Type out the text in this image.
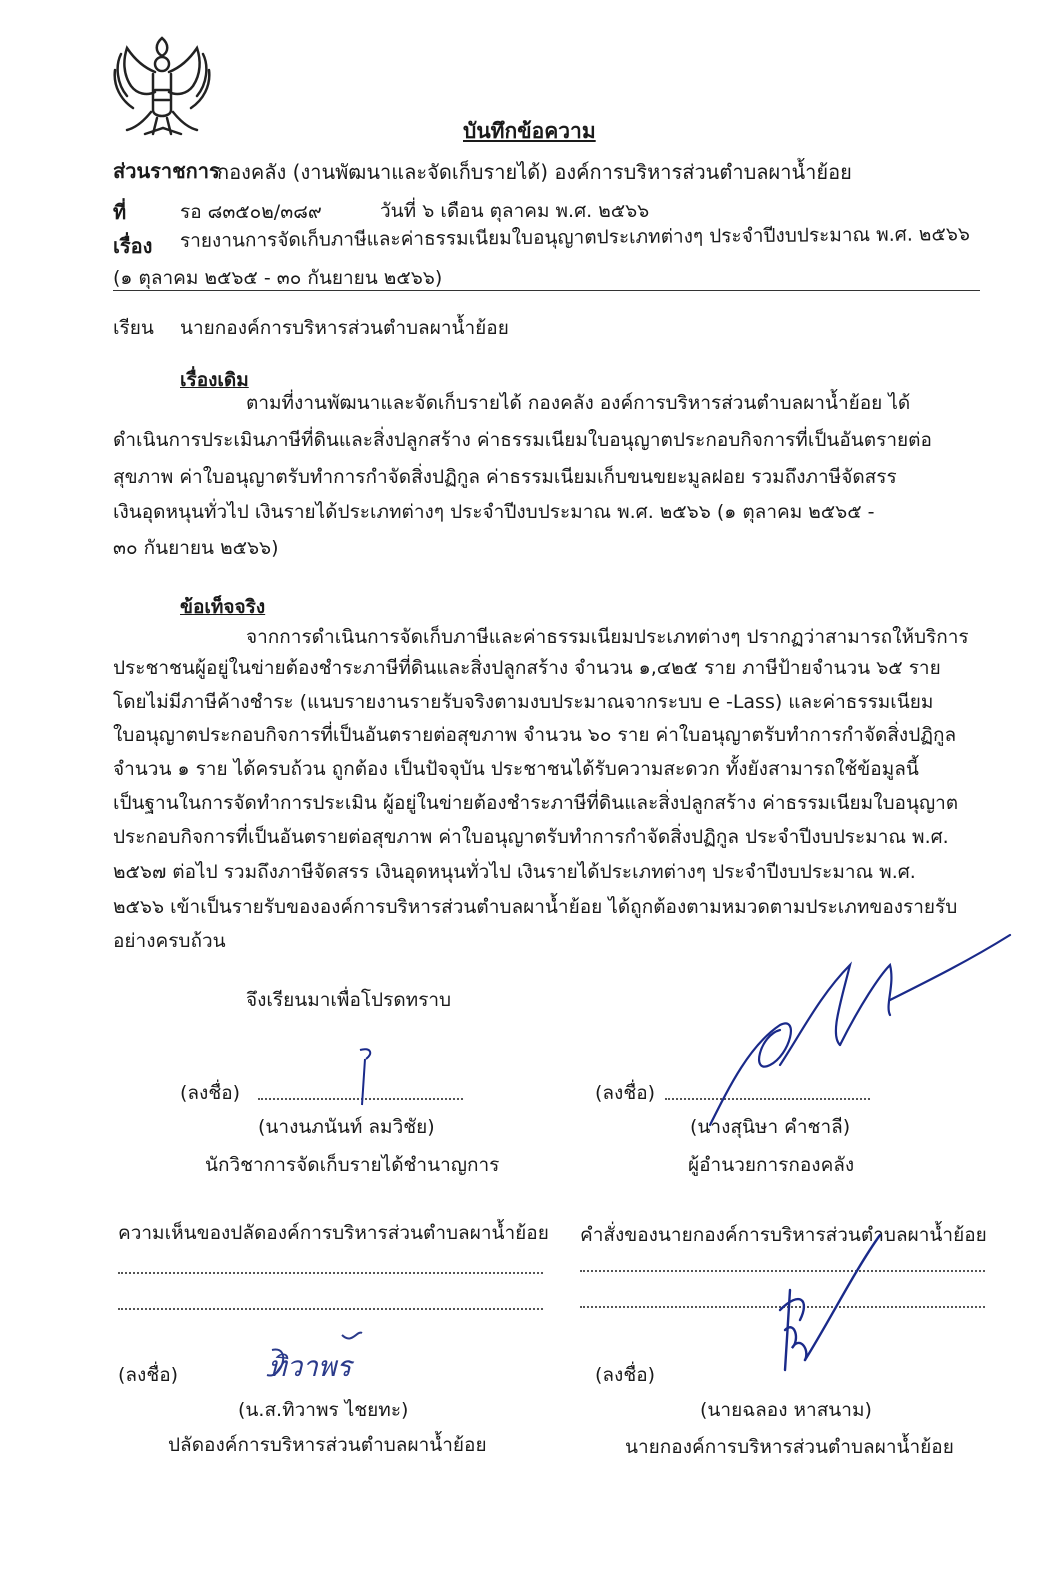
บันทึกข้อความ
ส่วนราชการ
กองคลัง (งานพัฒนาและจัดเก็บรายได้) องค์การบริหารส่วนตำบลผาน้ำย้อย
ที่	รอ ๘๓๕๐๒/๓๘๙	วันที่ ๖ เดือน ตุลาคม พ.ศ. ๒๕๖๖
เรื่อง รายงานการจัดเก็บภาษีและค่าธรรมเนียมใบอนุญาตประเภทต่างๆ ประจำปีงบประมาณ พ.ศ. ๒๕๖๖
(๑ ตุลาคม ๒๕๖๕ - ๓๐ กันยายน ๒๕๖๖)
เรียน นายกองค์การบริหารส่วนตำบลผาน้ำย้อย
เรื่องเดิม
ตามที่งานพัฒนาและจัดเก็บรายได้ กองคลัง องค์การบริหารส่วนตำบลผาน้ำย้อย ได้
ดำเนินการประเมินภาษีที่ดินและสิ่งปลูกสร้าง ค่าธรรมเนียมใบอนุญาตประกอบกิจการที่เป็นอันตรายต่อ
สุขภาพ ค่าใบอนุญาตรับทำการกำจัดสิ่งปฏิกูล ค่าธรรมเนียมเก็บขนขยะมูลฝอย รวมถึงภาษีจัดสรร
เงินอุดหนุนทั่วไป เงินรายได้ประเภทต่างๆ ประจำปีงบประมาณ พ.ศ. ๒๕๖๖ (๑ ตุลาคม ๒๕๖๕ -
๓๐ กันยายน ๒๕๖๖)
ข้อเท็จจริง
จากการดำเนินการจัดเก็บภาษีและค่าธรรมเนียมประเภทต่างๆ ปรากฏว่าสามารถให้บริการ
ประชาชนผู้อยู่ในข่ายต้องชำระภาษีที่ดินและสิ่งปลูกสร้าง จำนวน ๑,๔๒๕ ราย ภาษีป้ายจำนวน ๖๕ ราย
โดยไม่มีภาษีค้างชำระ (แนบรายงานรายรับจริงตามงบประมาณจากระบบ e -Lass) และค่าธรรมเนียม
ใบอนุญาตประกอบกิจการที่เป็นอันตรายต่อสุขภาพ จำนวน ๖๐ ราย ค่าใบอนุญาตรับทำการกำจัดสิ่งปฏิกูล
จำนวน ๑ ราย ได้ครบถ้วน ถูกต้อง เป็นปัจจุบัน ประชาชนได้รับความสะดวก ทั้งยังสามารถใช้ข้อมูลนี้
เป็นฐานในการจัดทำการประเมิน ผู้อยู่ในข่ายต้องชำระภาษีที่ดินและสิ่งปลูกสร้าง ค่าธรรมเนียมใบอนุญาต
ประกอบกิจการที่เป็นอันตรายต่อสุขภาพ ค่าใบอนุญาตรับทำการกำจัดสิ่งปฏิกูล ประจำปีงบประมาณ พ.ศ.
๒๕๖๗ ต่อไป รวมถึงภาษีจัดสรร เงินอุดหนุนทั่วไป เงินรายได้ประเภทต่างๆ ประจำปีงบประมาณ พ.ศ.
๒๕๖๖ เข้าเป็นรายรับขององค์การบริหารส่วนตำบลผาน้ำย้อย ได้ถูกต้องตามหมวดตามประเภทของรายรับ
อย่างครบถ้วน
จึงเรียนมาเพื่อโปรดทราบ
(ลงชื่อ)
(นางนภนันท์ ลมวิชัย)
นักวิชาการจัดเก็บรายได้ชำนาญการ
(ลงชื่อ)
(นางสุนิษา คำชาลี)
ผู้อำนวยการกองคลัง
ความเห็นของปลัดองค์การบริหารส่วนตำบลผาน้ำย้อย คำสั่งของนายกองค์การบริหารส่วนตำบลผาน้ำย้อย
(ลงชื่อ)	ทิวาพร
(น.ส.ทิวาพร ไชยทะ)
ปลัดองค์การบริหารส่วนตำบลผาน้ำย้อย
(ลงชื่อ)
(นายฉลอง หาสนาม)
นายกองค์การบริหารส่วนตำบลผาน้ำย้อย
